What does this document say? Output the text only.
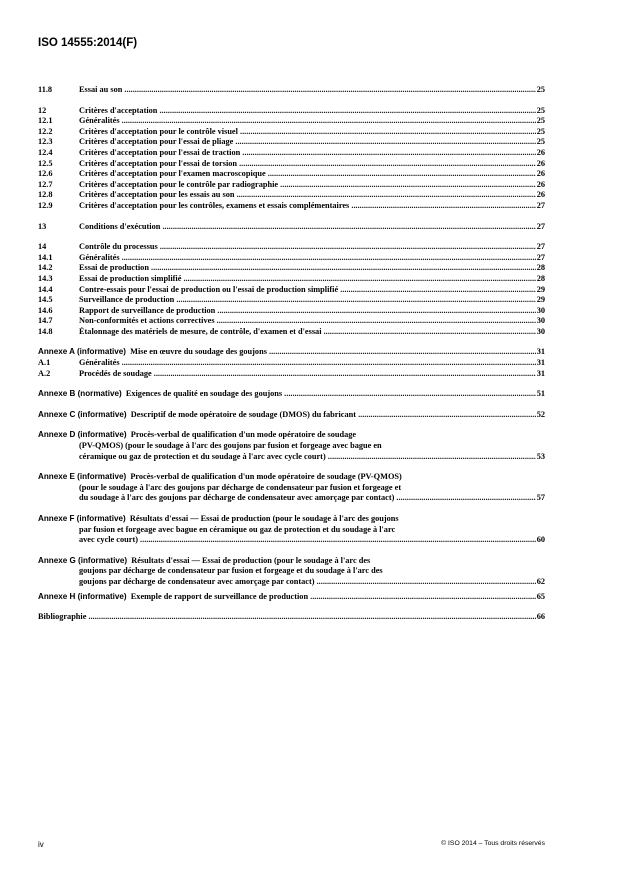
ISO 14555:2014(F)
11.8	Essai au son .....	25
12	Critères d'acceptation .....	25
12.1	Généralités .....	25
12.2	Critères d'acceptation pour le contrôle visuel .....	25
12.3	Critères d'acceptation pour l'essai de pliage .....	25
12.4	Critères d'acceptation pour l'essai de traction .....	26
12.5	Critères d'acceptation pour l'essai de torsion .....	26
12.6	Critères d'acceptation pour l'examen macroscopique .....	26
12.7	Critères d'acceptation pour le contrôle par radiographie .....	26
12.8	Critères d'acceptation pour les essais au son .....	26
12.9	Critères d'acceptation pour les contrôles, examens et essais complémentaires .....	27
13	Conditions d'exécution .....	27
14	Contrôle du processus .....	27
14.1	Généralités .....	27
14.2	Essai de production .....	28
14.3	Essai de production simplifié .....	28
14.4	Contre-essais pour l'essai de production ou l'essai de production simplifié .....	29
14.5	Surveillance de production .....	29
14.6	Rapport de surveillance de production .....	30
14.7	Non-conformités et actions correctives .....	30
14.8	Étalonnage des matériels de mesure, de contrôle, d'examen et d'essai .....	30
Annexe A (informative) Mise en œuvre du soudage des goujons .....	31
A.1	Généralités .....	31
A.2	Procédés de soudage .....	31
Annexe B (normative) Exigences de qualité en soudage des goujons .....	51
Annexe C (informative) Descriptif de mode opératoire de soudage (DMOS) du fabricant .....	52
Annexe D (informative) Procès-verbal de qualification d'un mode opératoire de soudage
(PV-QMOS) (pour le soudage à l'arc des goujons par fusion et forgeage avec bague en
céramique ou gaz de protection et du soudage à l'arc avec cycle court) .....	53
Annexe E (informative) Procès-verbal de qualification d'un mode opératoire de soudage (PV-QMOS)
(pour le soudage à l'arc des goujons par décharge de condensateur par fusion et forgeage et
du soudage à l'arc des goujons par décharge de condensateur avec amorçage par contact) .....	57
Annexe F (informative) Résultats d'essai — Essai de production (pour le soudage à l'arc des goujons
par fusion et forgeage avec bague en céramique ou gaz de protection et du soudage à l'arc
avec cycle court) .....	60
Annexe G (informative) Résultats d'essai — Essai de production (pour le soudage à l'arc des
goujons par décharge de condensateur par fusion et forgeage et du soudage à l'arc des
goujons par décharge de condensateur avec amorçage par contact) .....	62
Annexe H (informative) Exemple de rapport de surveillance de production .....	65
Bibliographie .....	66
iv	© ISO 2014 – Tous droits réservés
